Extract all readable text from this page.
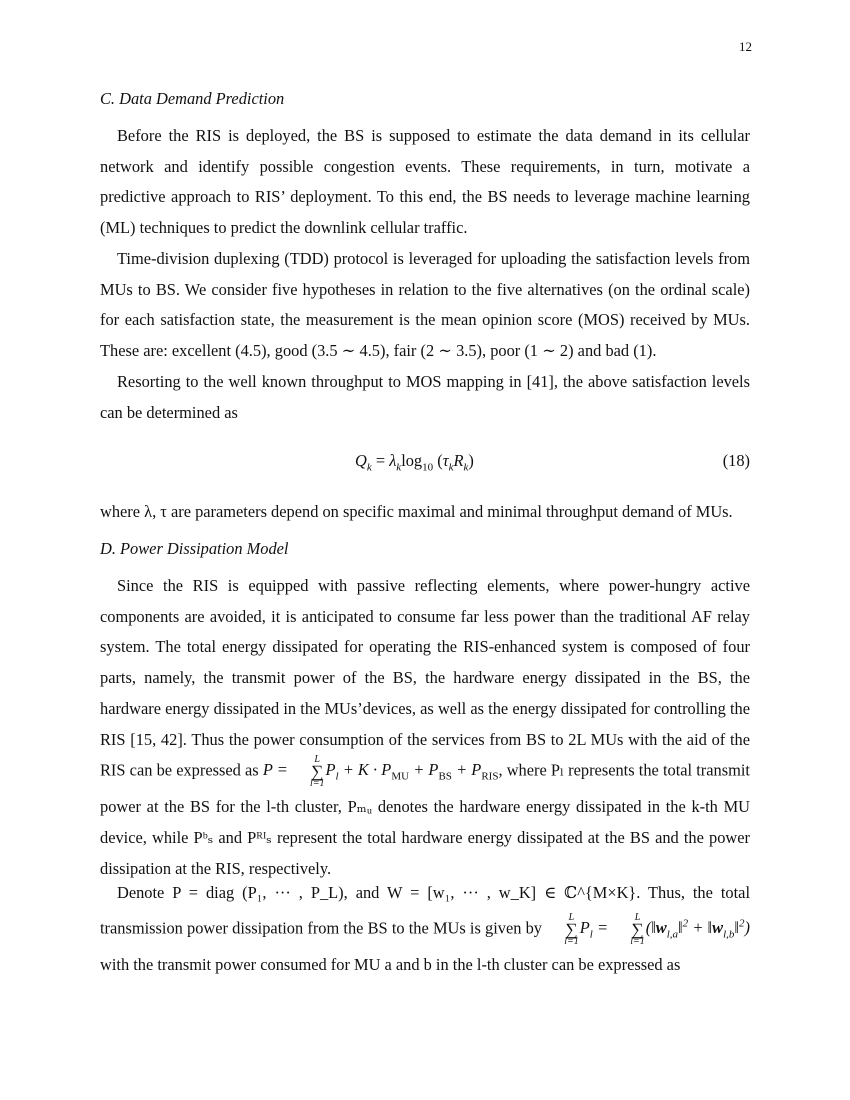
12
C. Data Demand Prediction

Before the RIS is deployed, the BS is supposed to estimate the data demand in its cellular network and identify possible congestion events. These requirements, in turn, motivate a predictive approach to RIS’ deployment. To this end, the BS needs to leverage machine learning (ML) techniques to predict the downlink cellular traffic.

Time-division duplexing (TDD) protocol is leveraged for uploading the satisfaction levels from MUs to BS. We consider five hypotheses in relation to the five alternatives (on the ordinal scale) for each satisfaction state, the measurement is the mean opinion score (MOS) received by MUs. These are: excellent (4.5), good (3.5 ∼ 4.5), fair (2 ∼ 3.5), poor (1 ∼ 2) and bad (1).

Resorting to the well known throughput to MOS mapping in [41], the above satisfaction levels can be determined as

$Q_k = \lambda_k\log_{10}$ $(\tau_kR_k)$	(18)

where λ, τ are parameters depend on specific maximal and minimal throughput demand of MUs.

D. Power Dissipation Model

Since the RIS is equipped with passive reflecting elements, where power-hungry active components are avoided, it is anticipated to consume far less power than the traditional AF relay system. The total energy dissipated for operating the RIS-enhanced system is composed of four parts, namely, the transmit power of the BS, the hardware energy dissipated in the BS, the hardware energy dissipated in the MUs’devices, as well as the energy dissipated for controlling the RIS [15, 42]. Thus the power consumption of the services from BS to 2L MUs with the aid of the RIS can be expressed as P =
L
∑
l=1
$P_l + K \cdot P_{MU} + P_{BS} + P_{RIS}$, where Pₗ represents the total transmit power at the BS for the l-th cluster, Pₘᵤ denotes the hardware energy dissipated in the k-th MU device, while Pᵇₛ and Pᴿᴵₛ represent the total hardware energy dissipated at the BS and the power dissipation at the RIS, respectively.

Denote P = diag (P₁, ··· , P_L), and W = [w₁, ··· , w_K] ∈ ℂ^{M×K}. Thus, the total transmission power dissipation from the BS to the MUs is given by
L
∑
l=1
$P_l$ =
L
∑
l=1
($‖w_{l,a}‖^2$ + $‖w_{l,b}‖^2$) with the transmit power consumed for MU a and b in the l-th cluster can be expressed as
